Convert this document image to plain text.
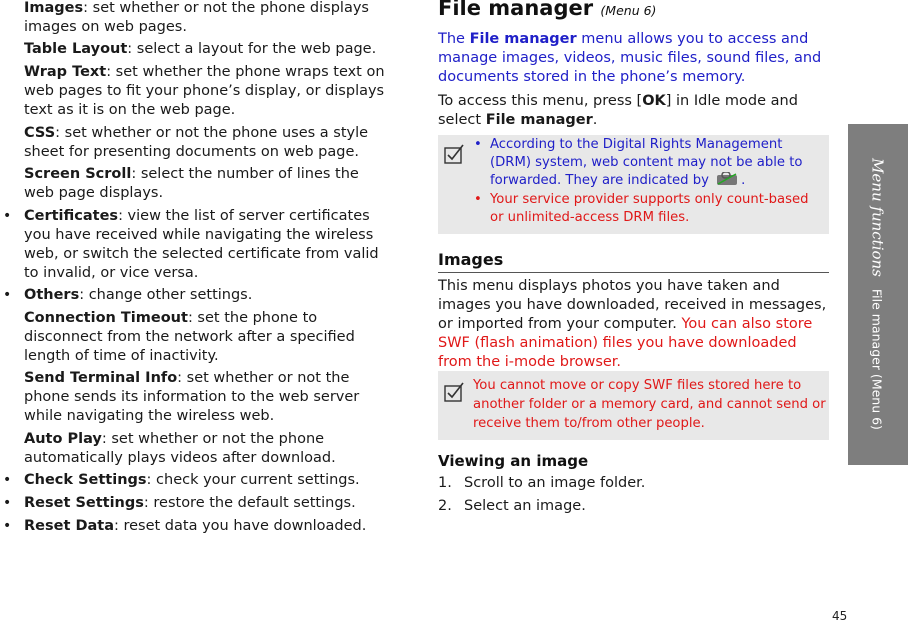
Images: set whether or not the phone displays images on web pages.
Table Layout: select a layout for the web page.
Wrap Text: set whether the phone wraps text on web pages to fit your phone’s display, or displays text as it is on the web page.
CSS: set whether or not the phone uses a style sheet for presenting documents on web page.
Screen Scroll: select the number of lines the web page displays.
• Certificates: view the list of server certificates you have received while navigating the wireless web, or switch the selected certificate from valid to invalid, or vice versa.
• Others: change other settings.
Connection Timeout: set the phone to disconnect from the network after a specified length of time of inactivity.
Send Terminal Info: set whether or not the phone sends its information to the web server while navigating the wireless web.
Auto Play: set whether or not the phone automatically plays videos after download.
• Check Settings: check your current settings.
• Reset Settings: restore the default settings.
• Reset Data: reset data you have downloaded.
File manager (Menu 6)
The File manager menu allows you to access and manage images, videos, music files, sound files, and documents stored in the phone’s memory.
To access this menu, press [OK] in Idle mode and select File manager.
• According to the Digital Rights Management (DRM) system, web content may not be able to forwarded. They are indicated by .
• Your service provider supports only count-based or unlimited-access DRM files.
Images
This menu displays photos you have taken and images you have downloaded, received in messages, or imported from your computer. You can also store SWF (flash animation) files you have downloaded from the i-mode browser.
You cannot move or copy SWF files stored here to another folder or a memory card, and cannot send or receive them to/from other people.
Viewing an image
1. Scroll to an image folder.
2. Select an image.
Menu functionsFile manager (Menu 6)
45
